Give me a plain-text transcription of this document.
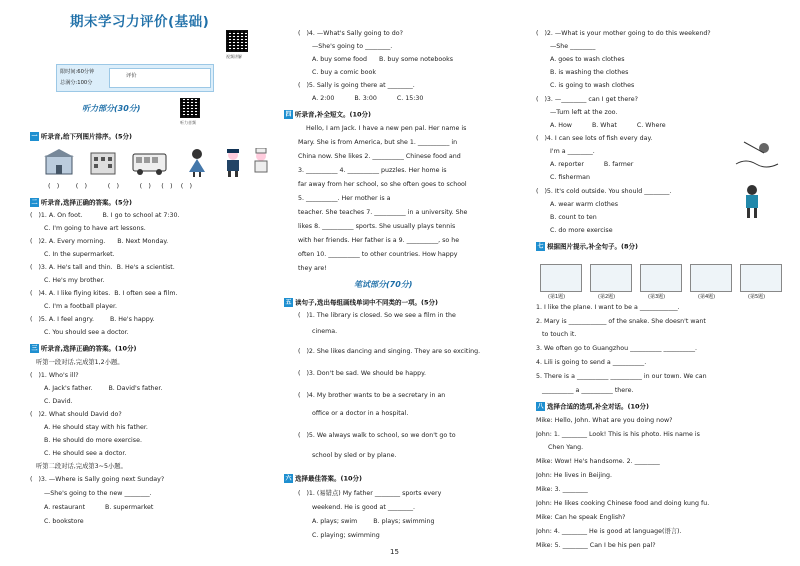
期末学习力评价(基础)
视频讲解
限时间:60分钟
总满分:100分
评价
听力部分(30分)
听力音频
一 听录音,给下列图片排序。(5分)
(   )        (   )          (   )          (   )     (   )    (   )
二 听录音,选择正确的答案。(5分)
(   )1. A. On foot.          B. I go to school at 7:30.
C. I'm going to have art lessons.
(   )2. A. Every morning.      B. Next Monday.
C. In the supermarket.
(   )3. A. He's tall and thin.  B. He's a scientist.
C. He's my brother.
(   )4. A. I like flying kites.  B. I often see a film.
C. I'm a football player.
(   )5. A. I feel angry.        B. He's happy.
C. You should see a doctor.
三 听录音,选择正确的答案。(10分)
听第一段对话,完成第1,2小题。
(   )1. Who's ill?
A. Jack's father.        B. David's father.
C. David.
(   )2. What should David do?
A. He should stay with his father.
B. He should do more exercise.
C. He should see a doctor.
听第二段对话,完成第3~5小题。
(   )3. —Where is Sally going next Sunday?
—She's going to the new ________.
A. restaurant          B. supermarket
C. bookstore
(   )4. —What's Sally going to do?
—She's going to ________.
A. buy some food      B. buy some notebooks
C. buy a comic book
(   )5. Sally is going there at ________.
A. 2:00          B. 3:00          C. 15:30
四 听录音,补全短文。(10分)
Hello, I am Jack. I have a new pen pal. Her name is
Mary. She is from America, but she 1. __________ in
China now. She likes 2. __________ Chinese food and
3. __________ 4. __________ puzzles. Her home is
far away from her school, so she often goes to school
5. __________. Her mother is a
teacher. She teaches 7. __________ in a university. She
likes 8. __________ sports. She usually plays tennis
with her friends. Her father is a 9. __________, so he
often 10. __________ to other countries. How happy
they are!
笔试部分(70分)
五 读句子,选出每组画线单词中不同类的一项。(5分)
(   )1. The library is closed. So we see a film in the
cinema.
(   )2. She likes dancing and singing. They are so exciting.
(   )3. Don't be sad. We should be happy.
(   )4. My brother wants to be a secretary in an
office or a doctor in a hospital.
(   )5. We always walk to school, so we don't go to
school by sled or by plane.
六 选择最佳答案。(10分)
(   )1. (易错点) My father ________ sports every
weekend. He is good at ________.
A. plays; swim        B. plays; swimming
C. playing; swimming
(   )2. —What is your mother going to do this weekend?
—She ________
A. goes to wash clothes
B. is washing the clothes
C. is going to wash clothes
(   )3. —________ can I get there?
—Turn left at the zoo.
A. How          B. What          C. Where
(   )4. I can see lots of fish every day.
I'm a ________.
A. reporter          B. farmer
C. fisherman
(   )5. It's cold outside. You should ________.
A. wear warm clothes
B. count to ten
C. do more exercise
七 根据图片提示,补全句子。(8分)
(第1题)	(第2题)	(第3题)	(第4题)	(第5题)
1. I like the plane. I want to be a ____________.
2. Mary is ____________ of the snake. She doesn't want
to touch it.
3. We often go to Guangzhou __________ __________.
4. Lili is going to send a __________.
5. There is a __________ __________ in our town. We can
__________ a __________ there.
八 选择合适的选项,补全对话。(10分)
Mike: Hello, John. What are you doing now?
John: 1. ________ Look! This is his photo. His name is
Chen Yang.
Mike: Wow! He's handsome. 2. ________
John: He lives in Beijing.
Mike: 3. ________
John: He likes cooking Chinese food and doing kung fu.
Mike: Can he speak English?
John: 4. ________ He is good at language(语言).
Mike: 5. ________ Can I be his pen pal?
15
